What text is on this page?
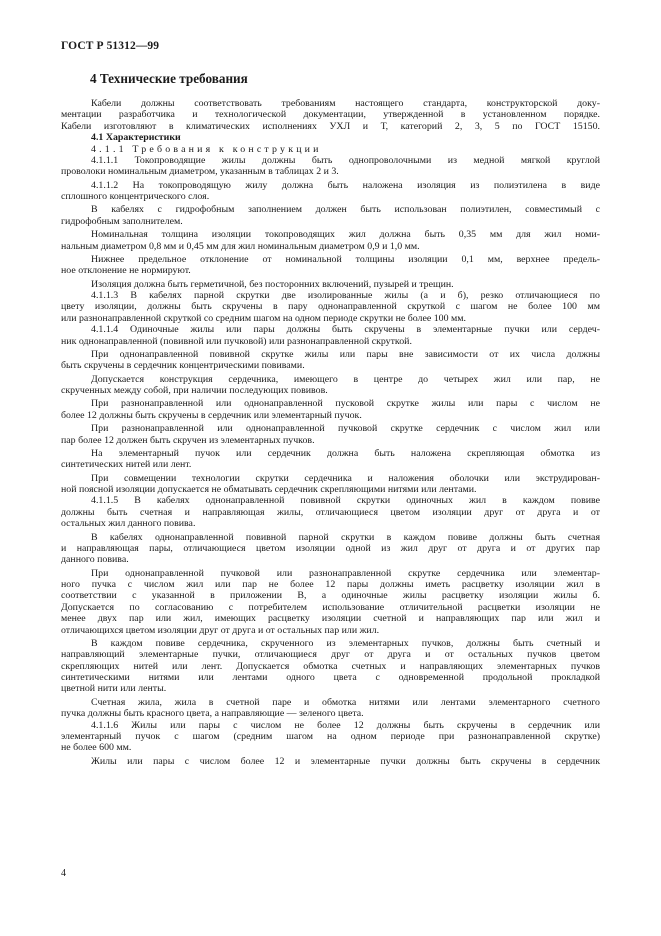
ГОСТ Р 51312—99
4 Технические требования
Кабели должны соответствовать требованиям настоящего стандарта, конструкторской доку-
ментации разработчика и технологической документации, утвержденной в установленном порядке.
Кабели изготовляют в климатических исполнениях УХЛ и Т, категорий 2, 3, 5 по ГОСТ 15150.
4.1 Характеристики
4.1.1 Требования к конструкции
4.1.1.1 Токопроводящие жилы должны быть однопроволочными из медной мягкой круглой
проволоки номинальным диаметром, указанным в таблицах 2 и 3.
4.1.1.2 На токопроводящую жилу должна быть наложена изоляция из полиэтилена в виде
сплошного концентрического слоя.
В кабелях с гидрофобным заполнением должен быть использован полиэтилен, совместимый с
гидрофобным заполнителем.
Номинальная толщина изоляции токопроводящих жил должна быть 0,35 мм для жил номи-
нальным диаметром 0,8 мм и 0,45 мм для жил номинальным диаметром 0,9 и 1,0 мм.
Нижнее предельное отклонение от номинальной толщины изоляции 0,1 мм, верхнее предель-
ное отклонение не нормируют.
Изоляция должна быть герметичной, без посторонних включений, пузырей и трещин.
4.1.1.3 В кабелях парной скрутки две изолированные жилы (а и б), резко отличающиеся по
цвету изоляции, должны быть скручены в пару однонаправленной скруткой с шагом не более 100 мм
или разнонаправленной скруткой со средним шагом на одном периоде скрутки не более 100 мм.
4.1.1.4 Одиночные жилы или пары должны быть скручены в элементарные пучки или сердеч-
ник однонаправленной (повивной или пучковой) или разнонаправленной скруткой.
При однонаправленной повивной скрутке жилы или пары вне зависимости от их числа должны
быть скручены в сердечник концентрическими повивами.
Допускается конструкция сердечника, имеющего в центре до четырех жил или пар, не
скрученных между собой, при наличии последующих повивов.
При разнонаправленной или однонаправленной пусковой скрутке жилы или пары с числом не
более 12 должны быть скручены в сердечник или элементарный пучок.
При разнонаправленной или однонаправленной пучковой скрутке сердечник с числом жил или
пар более 12 должен быть скручен из элементарных пучков.
На элементарный пучок или сердечник должна быть наложена скрепляющая обмотка из
синтетических нитей или лент.
При совмещении технологии скрутки сердечника и наложения оболочки или экструдирован-
ной поясной изоляции допускается не обматывать сердечник скрепляющими нитями или лентами.
4.1.1.5 В кабелях однонаправленной повивной скрутки одиночных жил в каждом повиве
должны быть счетная и направляющая жилы, отличающиеся цветом изоляции друг от друга и от
остальных жил данного повива.
В кабелях однонаправленной повивной парной скрутки в каждом повиве должны быть счетная
и направляющая пары, отличающиеся цветом изоляции одной из жил друг от друга и от других пар
данного повива.
При однонаправленной пучковой или разнонаправленной скрутке сердечника или элементар-
ного пучка с числом жил или пар не более 12 пары должны иметь расцветку изоляции жил в
соответствии с указанной в приложении В, а одиночные жилы расцветку изоляции жилы б.
Допускается по согласованию с потребителем использование отличительной расцветки изоляции не
менее двух пар или жил, имеющих расцветку изоляции счетной и направляющих пар или жил и
отличающихся цветом изоляции друг от друга и от остальных пар или жил.
В каждом повиве сердечника, скрученного из элементарных пучков, должны быть счетный и
направляющий элементарные пучки, отличающиеся друг от друга и от остальных пучков цветом
скрепляющих нитей или лент. Допускается обмотка счетных и направляющих элементарных пучков
синтетическими нитями или лентами одного цвета с одновременной продольной прокладкой
цветной нити или ленты.
Счетная жила, жила в счетной паре и обмотка нитями или лентами элементарного счетного
пучка должны быть красного цвета, а направляющие — зеленого цвета.
4.1.1.6 Жилы или пары с числом не более 12 должны быть скручены в сердечник или
элементарный пучок с шагом (средним шагом на одном периоде при разнонаправленной скрутке)
не более 600 мм.
Жилы или пары с числом более 12 и элементарные пучки должны быть скручены в сердечник
4
